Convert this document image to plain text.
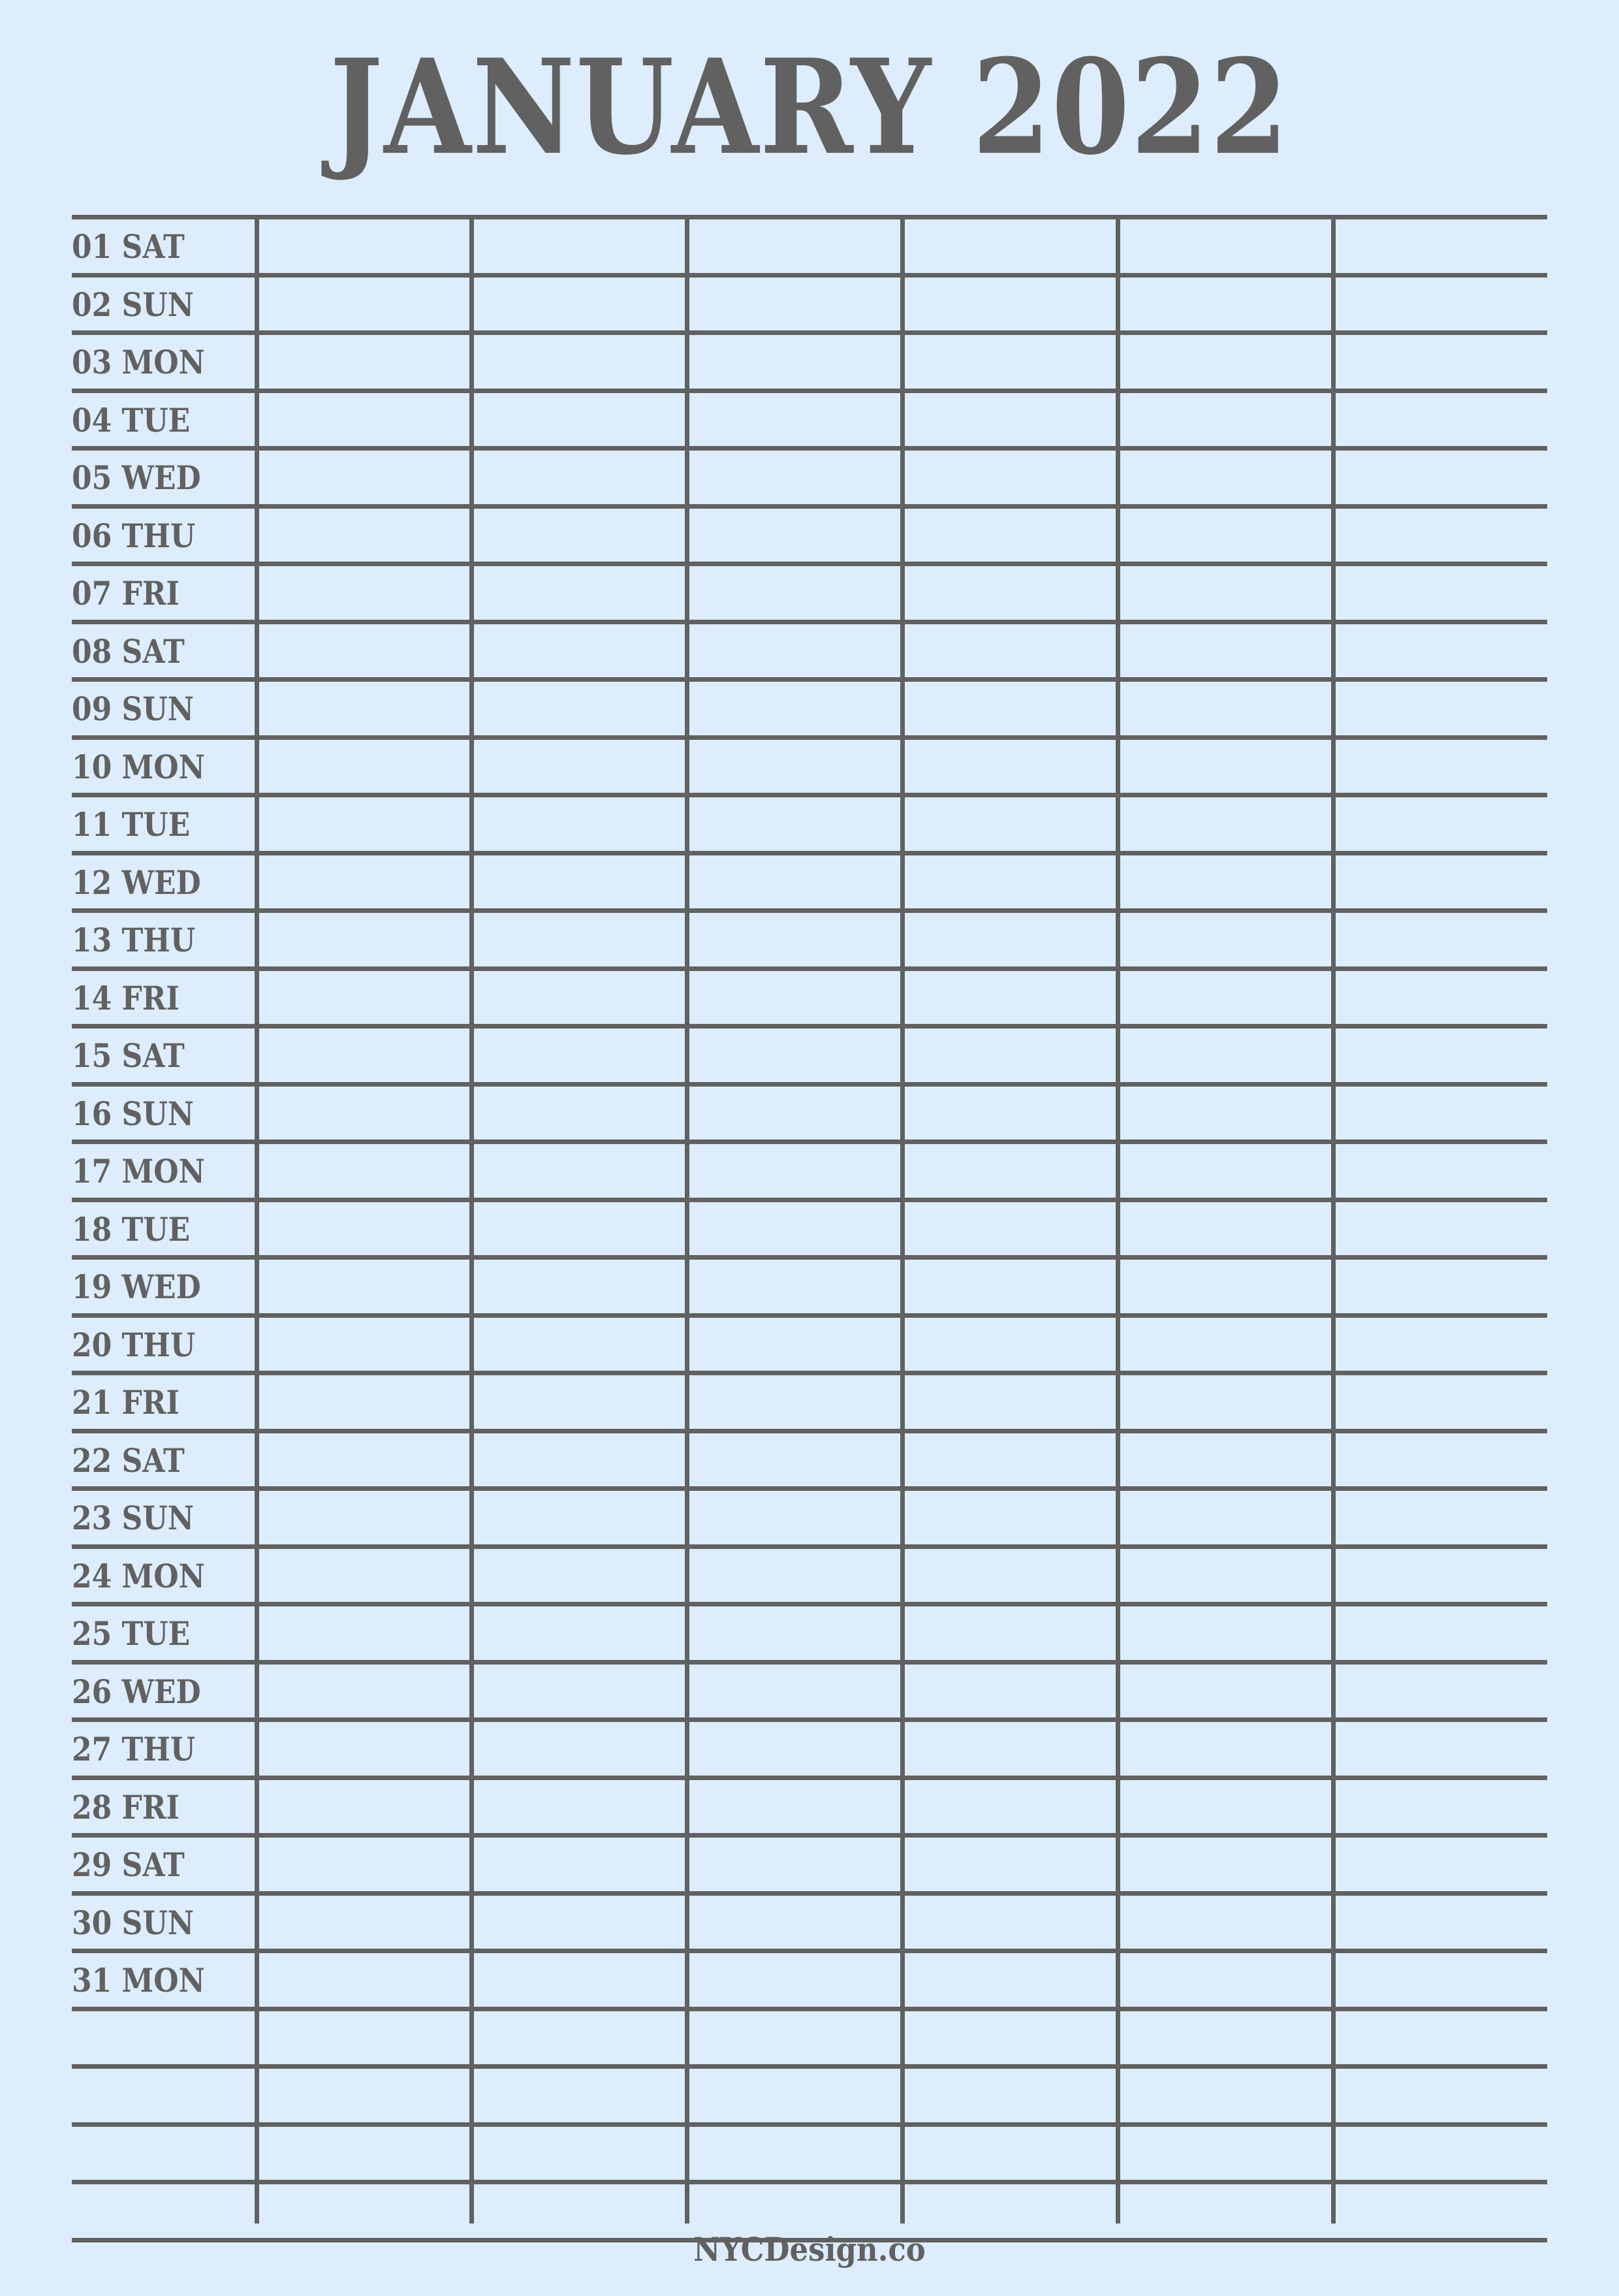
JANUARY 2022
01 SAT
02 SUN
03 MON
04 TUE
05 WED
06 THU
07 FRI
08 SAT
09 SUN
10 MON
11 TUE
12 WED
13 THU
14 FRI
15 SAT
16 SUN
17 MON
18 TUE
19 WED
20 THU
21 FRI
22 SAT
23 SUN
24 MON
25 TUE
26 WED
27 THU
28 FRI
29 SAT
30 SUN
31 MON
NYCDesign.co
